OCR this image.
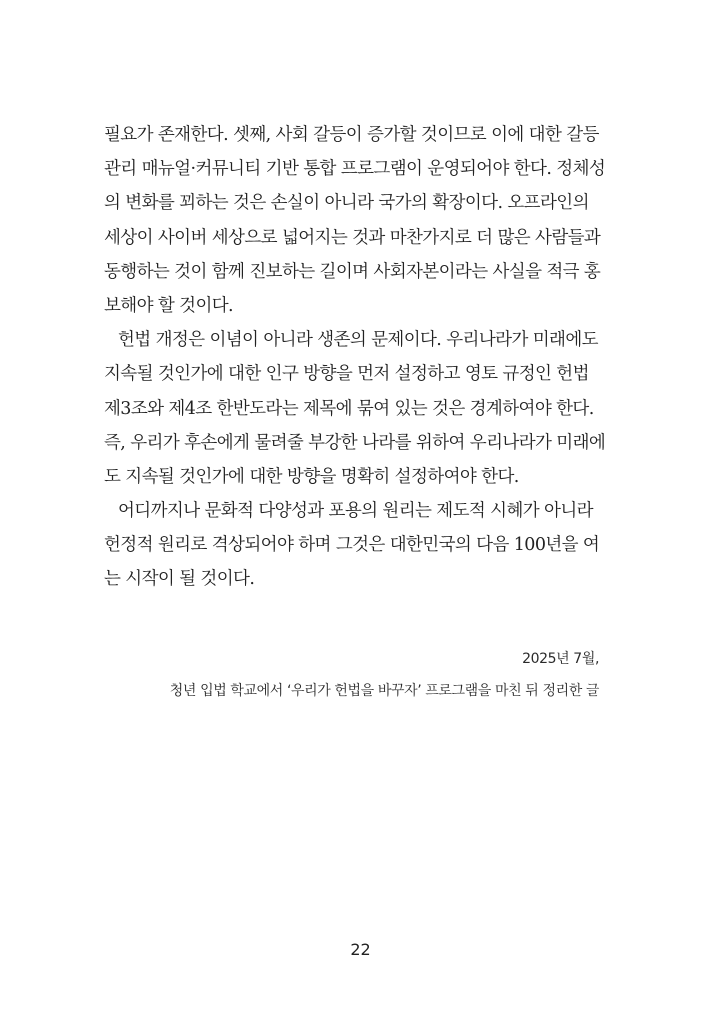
필요가 존재한다. 셋째, 사회 갈등이 증가할 것이므로 이에 대한 갈등
관리 매뉴얼·커뮤니티 기반 통합 프로그램이 운영되어야 한다. 정체성
의 변화를 꾀하는 것은 손실이 아니라 국가의 확장이다. 오프라인의
세상이 사이버 세상으로 넓어지는 것과 마찬가지로 더 많은 사람들과
동행하는 것이 함께 진보하는 길이며 사회자본이라는 사실을 적극 홍
보해야 할 것이다.
헌법 개정은 이념이 아니라 생존의 문제이다. 우리나라가 미래에도
지속될 것인가에 대한 인구 방향을 먼저 설정하고 영토 규정인 헌법
제3조와 제4조 한반도라는 제목에 묶여 있는 것은 경계하여야 한다.
즉, 우리가 후손에게 물려줄 부강한 나라를 위하여 우리나라가 미래에
도 지속될 것인가에 대한 방향을 명확히 설정하여야 한다.
어디까지나 문화적 다양성과 포용의 원리는 제도적 시혜가 아니라
헌정적 원리로 격상되어야 하며 그것은 대한민국의 다음 100년을 여
는 시작이 될 것이다.
2025년 7월,
청년 입법 학교에서 ‘우리가 헌법을 바꾸자’ 프로그램을 마친 뒤 정리한 글
22
